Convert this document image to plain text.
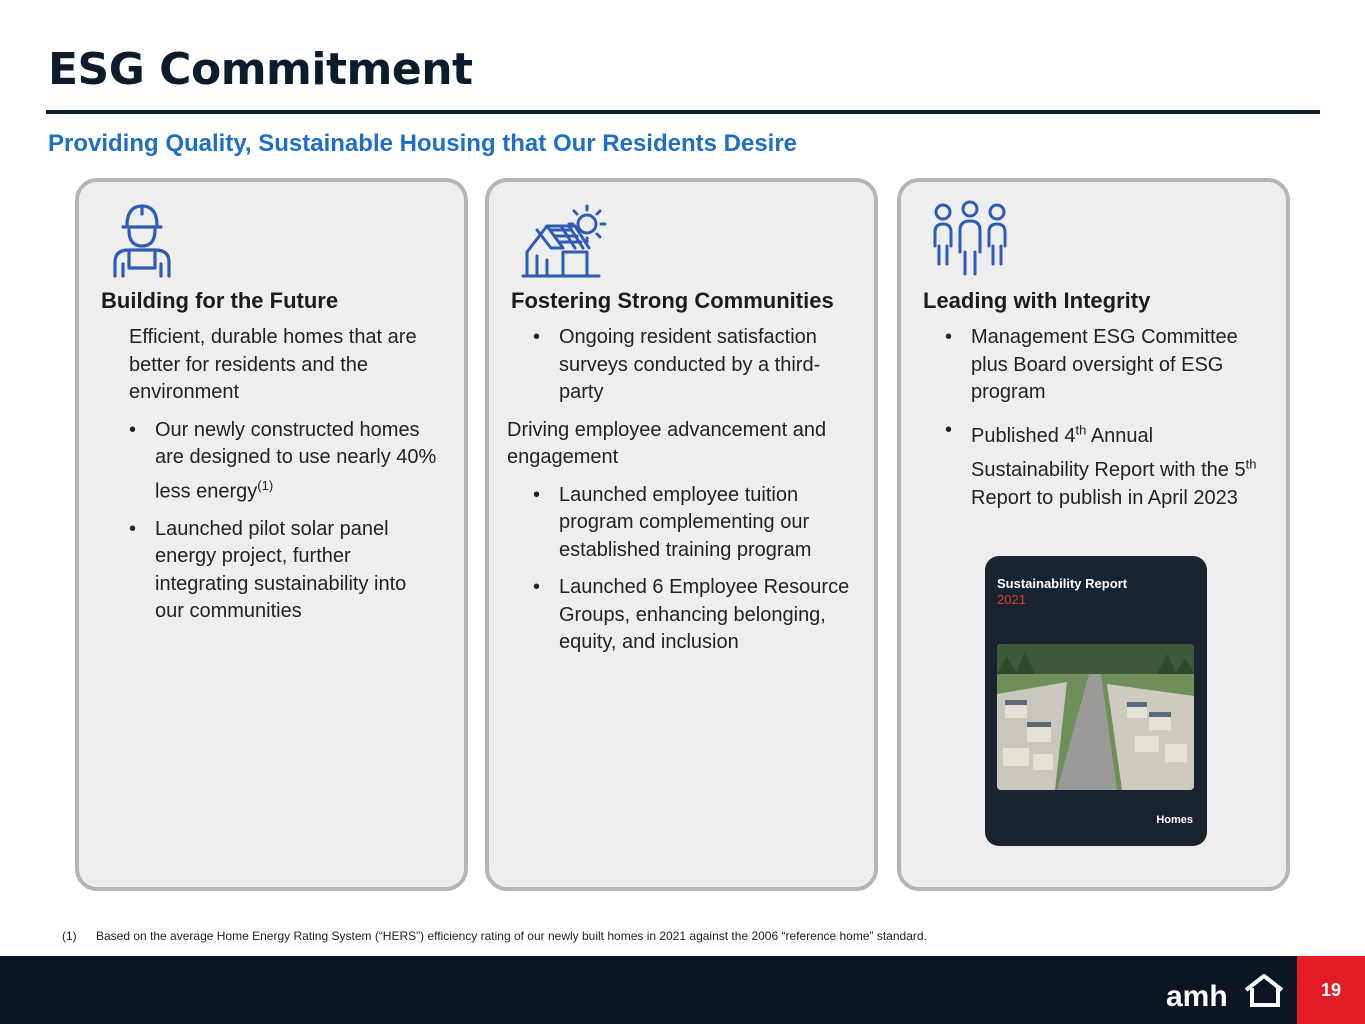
ESG Commitment
Providing Quality, Sustainable Housing that Our Residents Desire
Building for the Future
Efficient, durable homes that are better for residents and the environment
• Our newly constructed homes are designed to use nearly 40% less energy$^{(1)}$
• Launched pilot solar panel energy project, further integrating sustainability into our communities
Fostering Strong Communities
• Ongoing resident satisfaction surveys conducted by a third-party
Driving employee advancement and engagement
• Launched employee tuition program complementing our established training program
• Launched 6 Employee Resource Groups, enhancing belonging, equity, and inclusion
Leading with Integrity
• Management ESG Committee plus Board oversight of ESG program
• Published 4th Annual Sustainability Report with the 5th Report to publish in April 2023
Sustainability Report
2021
Homes
(1) Based on the average Home Energy Rating System (“HERS”) efficiency rating of our newly built homes in 2021 against the 2006 “reference home” standard.
amh	19
